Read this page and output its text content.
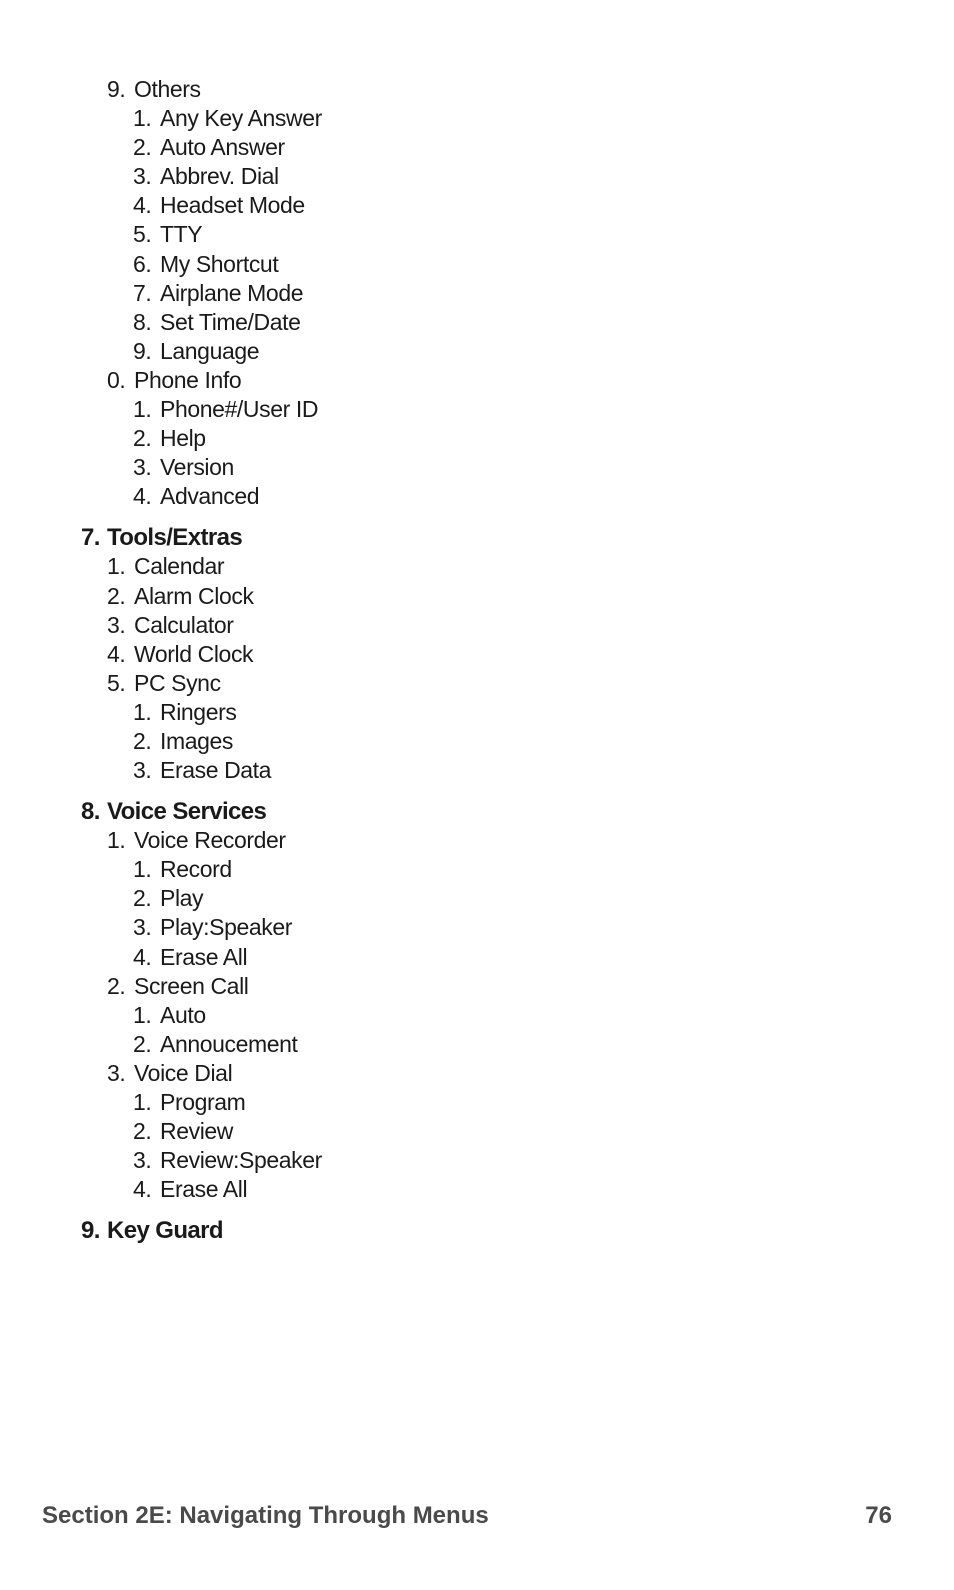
9. Others
1. Any Key Answer
2. Auto Answer
3. Abbrev. Dial
4. Headset Mode
5. TTY
6. My Shortcut
7. Airplane Mode
8. Set Time/Date
9. Language
0. Phone Info
1. Phone#/User ID
2. Help
3. Version
4. Advanced
7. Tools/Extras
1. Calendar
2. Alarm Clock
3. Calculator
4. World Clock
5. PC Sync
1. Ringers
2. Images
3. Erase Data
8. Voice Services
1. Voice Recorder
1. Record
2. Play
3. Play:Speaker
4. Erase All
2. Screen Call
1. Auto
2. Annoucement
3. Voice Dial
1. Program
2. Review
3. Review:Speaker
4. Erase All
9. Key Guard
Section 2E: Navigating Through Menus	76
